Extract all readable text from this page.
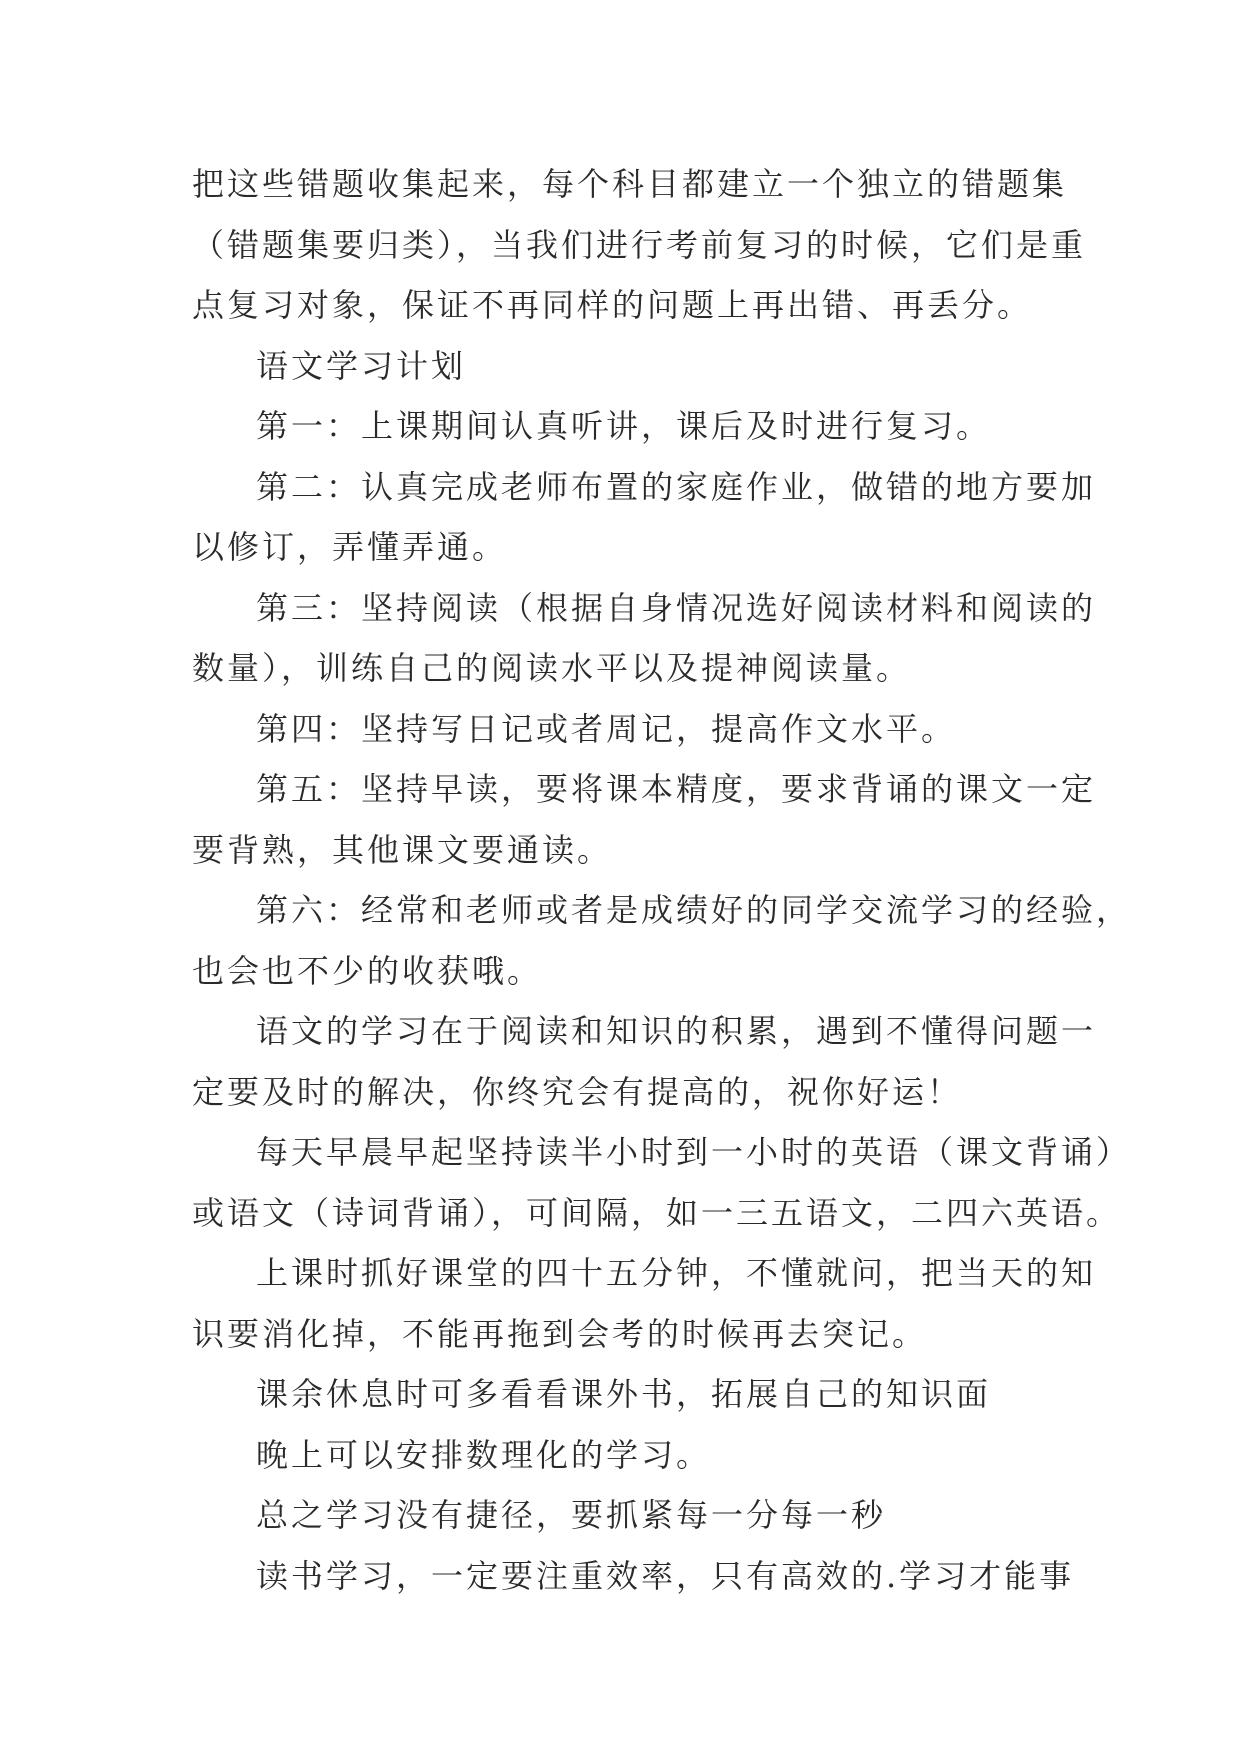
把这些错题收集起来，每个科目都建立一个独立的错题集
（错题集要归类），当我们进行考前复习的时候，它们是重
点复习对象，保证不再同样的问题上再出错、再丢分。
语文学习计划
第一：上课期间认真听讲，课后及时进行复习。
第二：认真完成老师布置的家庭作业，做错的地方要加
以修订，弄懂弄通。
第三：坚持阅读（根据自身情况选好阅读材料和阅读的
数量），训练自己的阅读水平以及提神阅读量。
第四：坚持写日记或者周记，提高作文水平。
第五：坚持早读，要将课本精度，要求背诵的课文一定
要背熟，其他课文要通读。
第六：经常和老师或者是成绩好的同学交流学习的经验，
也会也不少的收获哦。
语文的学习在于阅读和知识的积累，遇到不懂得问题一
定要及时的解决，你终究会有提高的，祝你好运！
每天早晨早起坚持读半小时到一小时的英语（课文背诵）
或语文（诗词背诵），可间隔，如一三五语文，二四六英语。
上课时抓好课堂的四十五分钟，不懂就问，把当天的知
识要消化掉，不能再拖到会考的时候再去突记。
课余休息时可多看看课外书，拓展自己的知识面
晚上可以安排数理化的学习。
总之学习没有捷径，要抓紧每一分每一秒
读书学习，一定要注重效率，只有高效的.学习才能事
